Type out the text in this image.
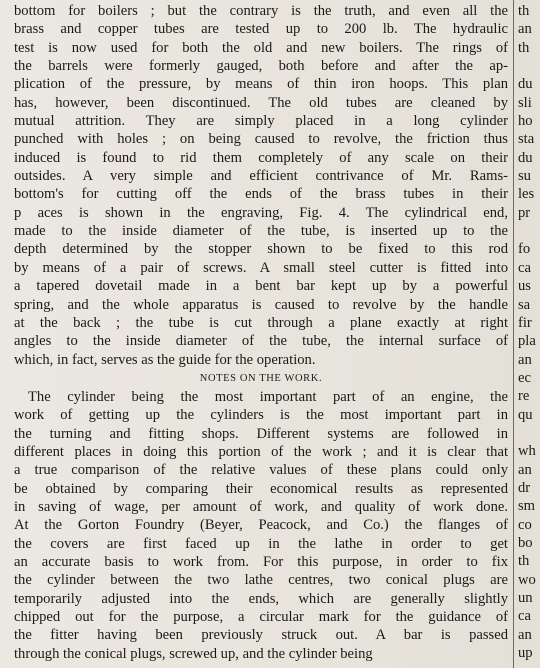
bottom for boilers ; but the contrary is the truth, and even all the
brass and copper tubes are tested up to 200 lb. The hydraulic
test is now used for both the old and new boilers. The rings of
the barrels were formerly gauged, both before and after the ap-
plication of the pressure, by means of thin iron hoops. This plan
has, however, been discontinued. The old tubes are cleaned by
mutual attrition. They are simply placed in a long cylinder
punched with holes ; on being caused to revolve, the friction thus
induced is found to rid them completely of any scale on their
outsides. A very simple and efficient contrivance of Mr. Rams-
bottom's for cutting off the ends of the brass tubes in their
p aces is shown in the engraving, Fig. 4. The cylindrical end,
made to the inside diameter of the tube, is inserted up to the
depth determined by the stopper shown to be fixed to this rod
by means of a pair of screws. A small steel cutter is fitted into
a tapered dovetail made in a bent bar kept up by a powerful
spring, and the whole apparatus is caused to revolve by the handle
at the back ; the tube is cut through a plane exactly at right
angles to the inside diameter of the tube, the internal surface of
which, in fact, serves as the guide for the operation.

NOTES ON THE WORK.

The cylinder being the most important part of an engine, the
work of getting up the cylinders is the most important part in
the turning and fitting shops. Different systems are followed in
different places in doing this portion of the work ; and it is clear that
a true comparison of the relative values of these plans could only
be obtained by comparing their economical results as represented
in saving of wage, per amount of work, and quality of work done.
At the Gorton Foundry (Beyer, Peacock, and Co.) the flanges of
the covers are first faced up in the lathe in order to get
an accurate basis to work from. For this purpose, in order to fix
the cylinder between the two lathe centres, two conical plugs are
temporarily adjusted into the ends, which are generally slightly
chipped out for the purpose, a circular mark for the guidance of
the fitter having been previously struck out. A bar is passed
through the conical plugs, screwed up, and the cylinder being

th
an
th
du
sli
ho
sta
du
su
les
pr
fo
ca
us
sa
fir
pla
an
ec
re
qu
wh
an
dr
sm
co
bo
th
wo
un
ca
an
up
